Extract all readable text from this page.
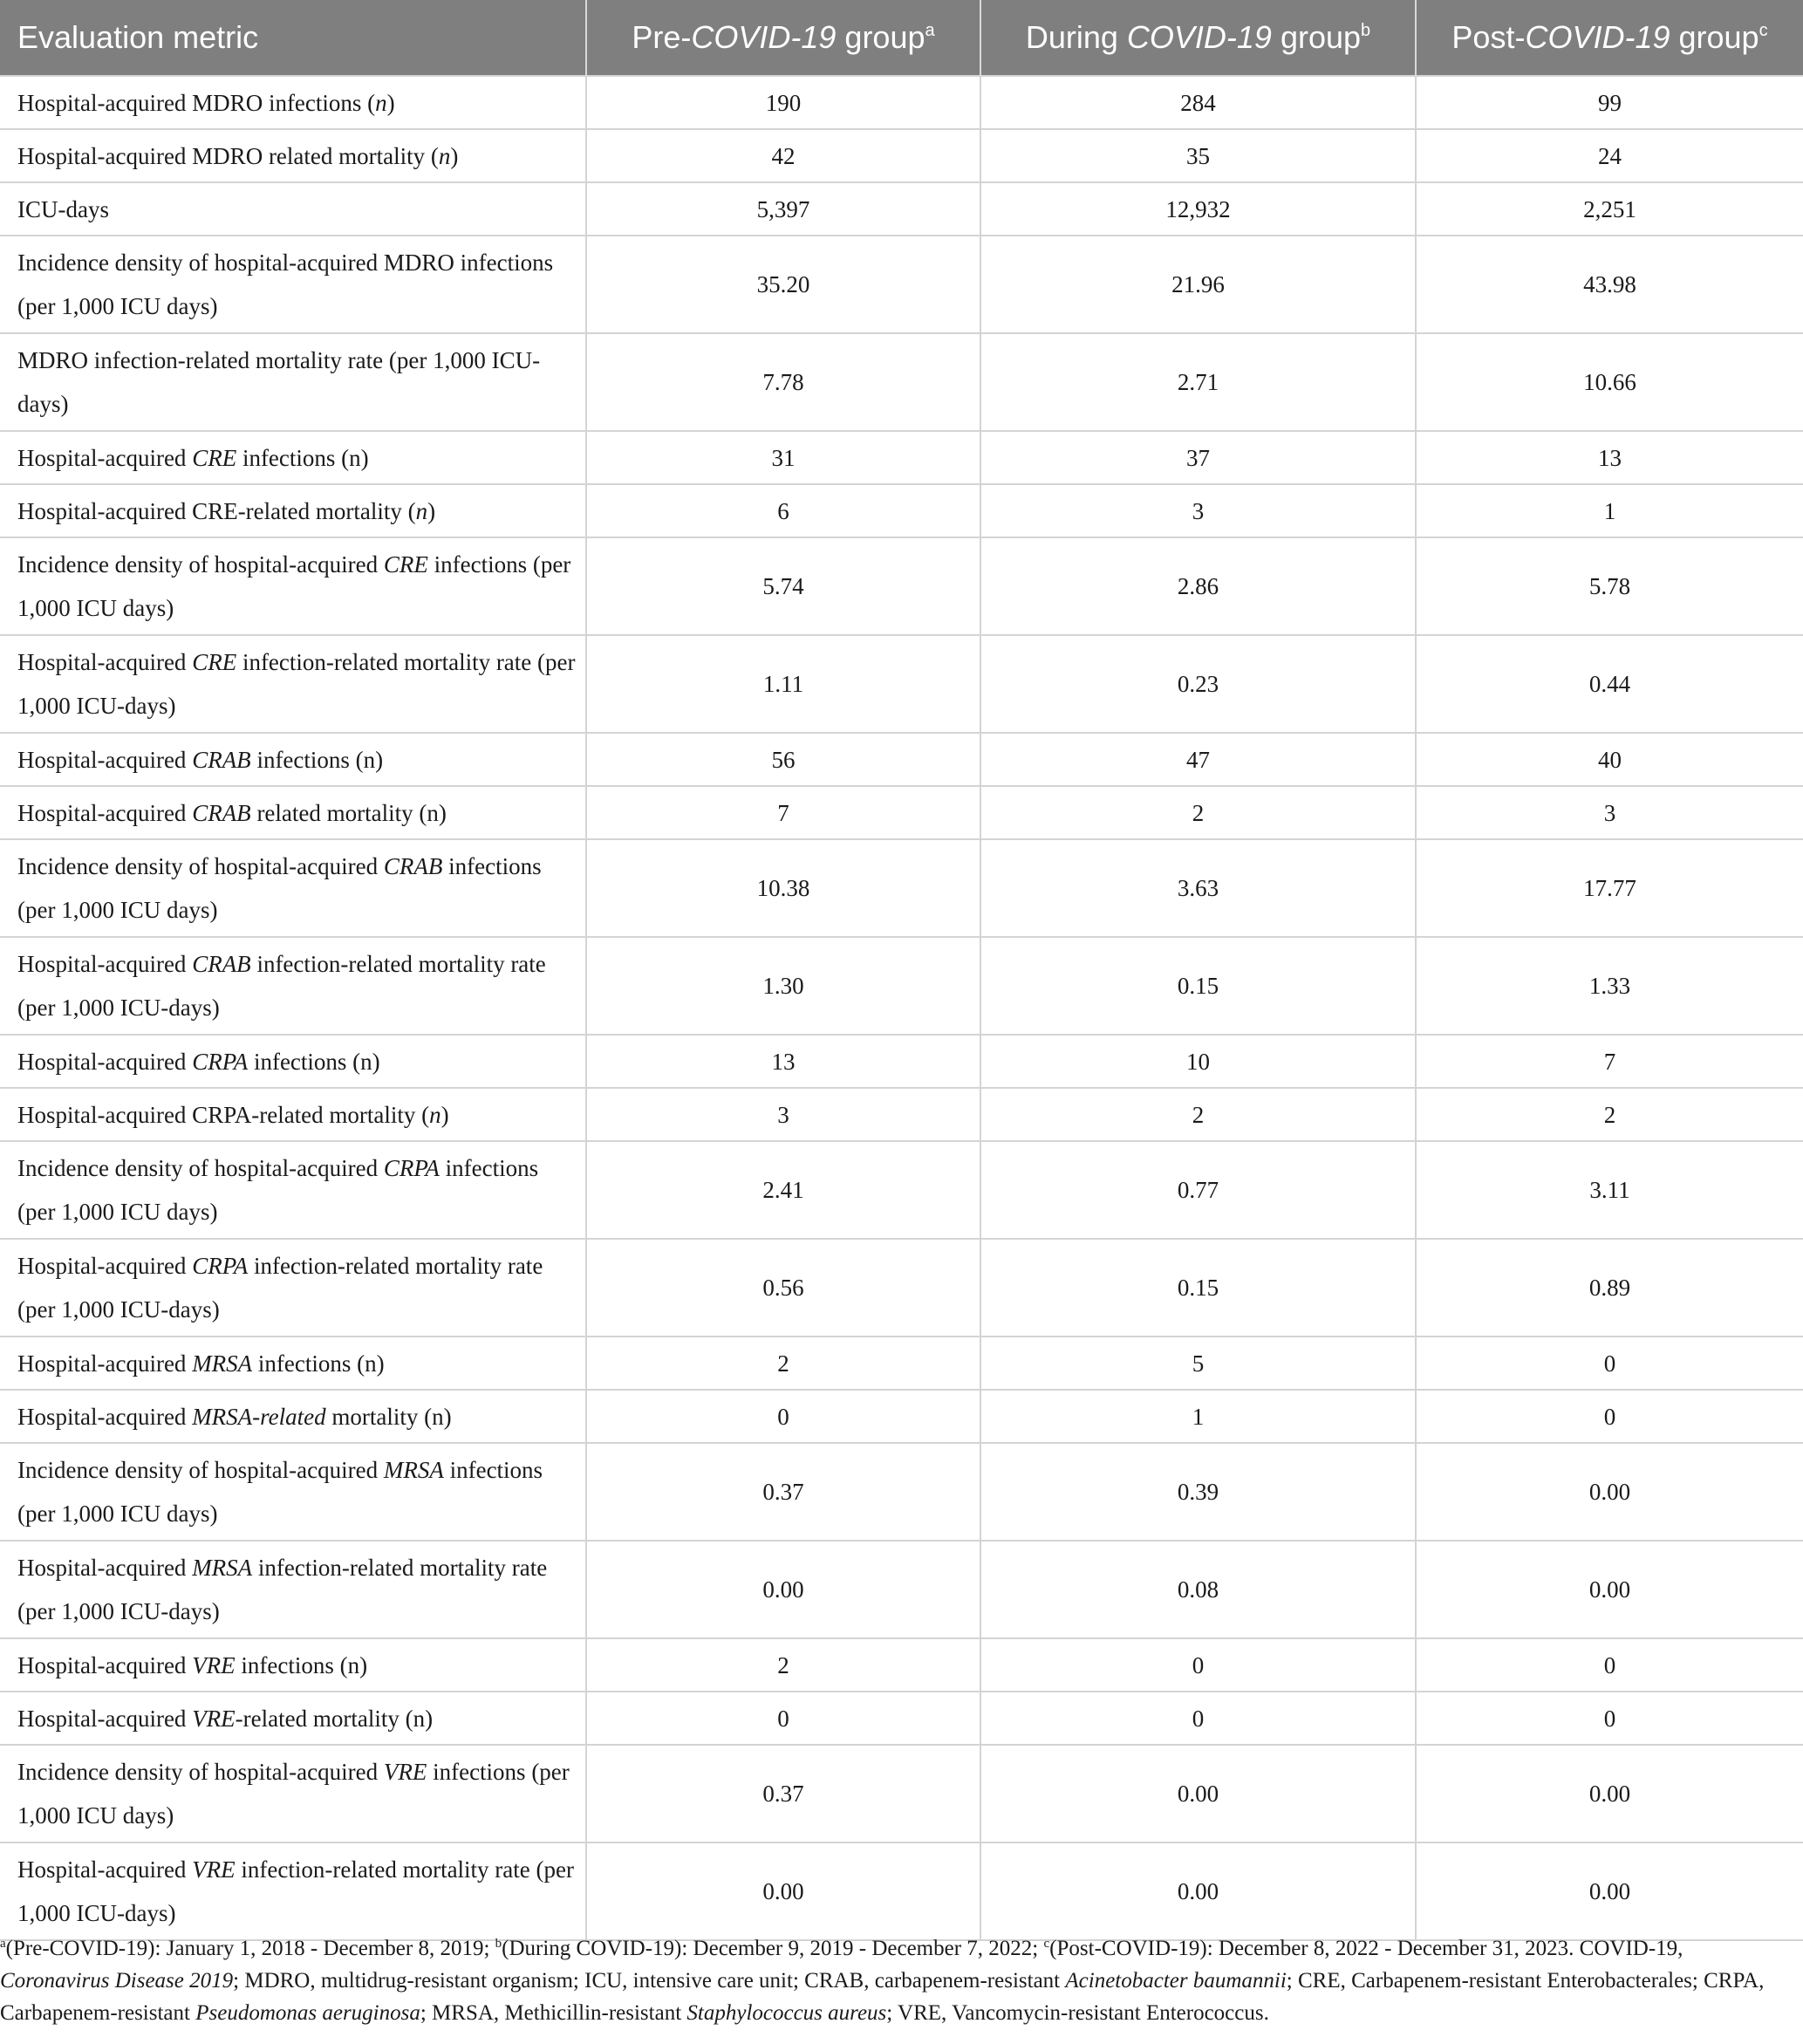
Evaluation metric	Pre-COVID-19 group$^a$	During COVID-19 group$^b$	Post-COVID-19 group$^c$
Hospital-acquired MDRO infections (n)	190	284	99
Hospital-acquired MDRO related mortality (n)	42	35	24
ICU-days	5,397	12,932	2,251
Incidence density of hospital-acquired MDRO infections (per 1,000 ICU days)	35.20	21.96	43.98
MDRO infection-related mortality rate (per 1,000 ICU-days)	7.78	2.71	10.66
Hospital-acquired CRE infections (n)	31	37	13
Hospital-acquired CRE-related mortality (n)	6	3	1
Incidence density of hospital-acquired CRE infections (per 1,000 ICU days)	5.74	2.86	5.78
Hospital-acquired CRE infection-related mortality rate (per 1,000 ICU-days)	1.11	0.23	0.44
Hospital-acquired CRAB infections (n)	56	47	40
Hospital-acquired CRAB related mortality (n)	7	2	3
Incidence density of hospital-acquired CRAB infections (per 1,000 ICU days)	10.38	3.63	17.77
Hospital-acquired CRAB infection-related mortality rate (per 1,000 ICU-days)	1.30	0.15	1.33
Hospital-acquired CRPA infections (n)	13	10	7
Hospital-acquired CRPA-related mortality (n)	3	2	2
Incidence density of hospital-acquired CRPA infections (per 1,000 ICU days)	2.41	0.77	3.11
Hospital-acquired CRPA infection-related mortality rate (per 1,000 ICU-days)	0.56	0.15	0.89
Hospital-acquired MRSA infections (n)	2	5	0
Hospital-acquired MRSA-related mortality (n)	0	1	0
Incidence density of hospital-acquired MRSA infections (per 1,000 ICU days)	0.37	0.39	0.00
Hospital-acquired MRSA infection-related mortality rate (per 1,000 ICU-days)	0.00	0.08	0.00
Hospital-acquired VRE infections (n)	2	0	0
Hospital-acquired VRE-related mortality (n)	0	0	0
Incidence density of hospital-acquired VRE infections (per 1,000 ICU days)	0.37	0.00	0.00
Hospital-acquired VRE infection-related mortality rate (per 1,000 ICU-days)	0.00	0.00	0.00

$^a$(Pre-COVID-19): January 1, 2018 - December 8, 2019; $^b$(During COVID-19): December 9, 2019 - December 7, 2022; $^c$(Post-COVID-19): December 8, 2022 - December 31, 2023. COVID-19, Coronavirus Disease 2019; MDRO, multidrug-resistant organism; ICU, intensive care unit; CRAB, carbapenem-resistant Acinetobacter baumannii; CRE, Carbapenem-resistant Enterobacterales; CRPA, Carbapenem-resistant Pseudomonas aeruginosa; MRSA, Methicillin-resistant Staphylococcus aureus; VRE, Vancomycin-resistant Enterococcus.
